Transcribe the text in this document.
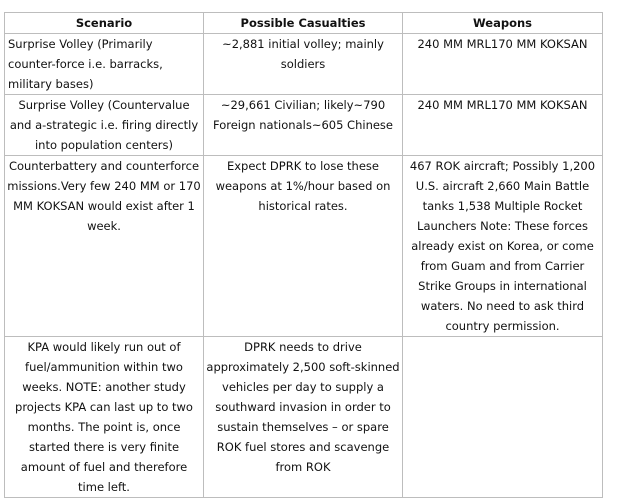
Scenario	Possible Casualties	Weapons
Surprise Volley (Primarily counter-force i.e. barracks, military bases)	~2,881 initial volley; mainly soldiers	240 MM MRL170 MM KOKSAN
Surprise Volley (Countervalue and a-strategic i.e. firing directly into population centers)	~29,661 Civilian; likely~790 Foreign nationals~605 Chinese	240 MM MRL170 MM KOKSAN
Counterbattery and counterforce missions.Very few 240 MM or 170 MM KOKSAN would exist after 1 week.	Expect DPRK to lose these weapons at 1%/hour based on historical rates.	467 ROK aircraft; Possibly 1,200 U.S. aircraft 2,660 Main Battle tanks 1,538 Multiple Rocket Launchers Note: These forces already exist on Korea, or come from Guam and from Carrier Strike Groups in international waters. No need to ask third country permission.
KPA would likely run out of fuel/ammunition within two weeks. NOTE: another study projects KPA can last up to two months. The point is, once started there is very finite amount of fuel and therefore time left.	DPRK needs to drive approximately 2,500 soft-skinned vehicles per day to supply a southward invasion in order to sustain themselves – or spare ROK fuel stores and scavenge from ROK	
